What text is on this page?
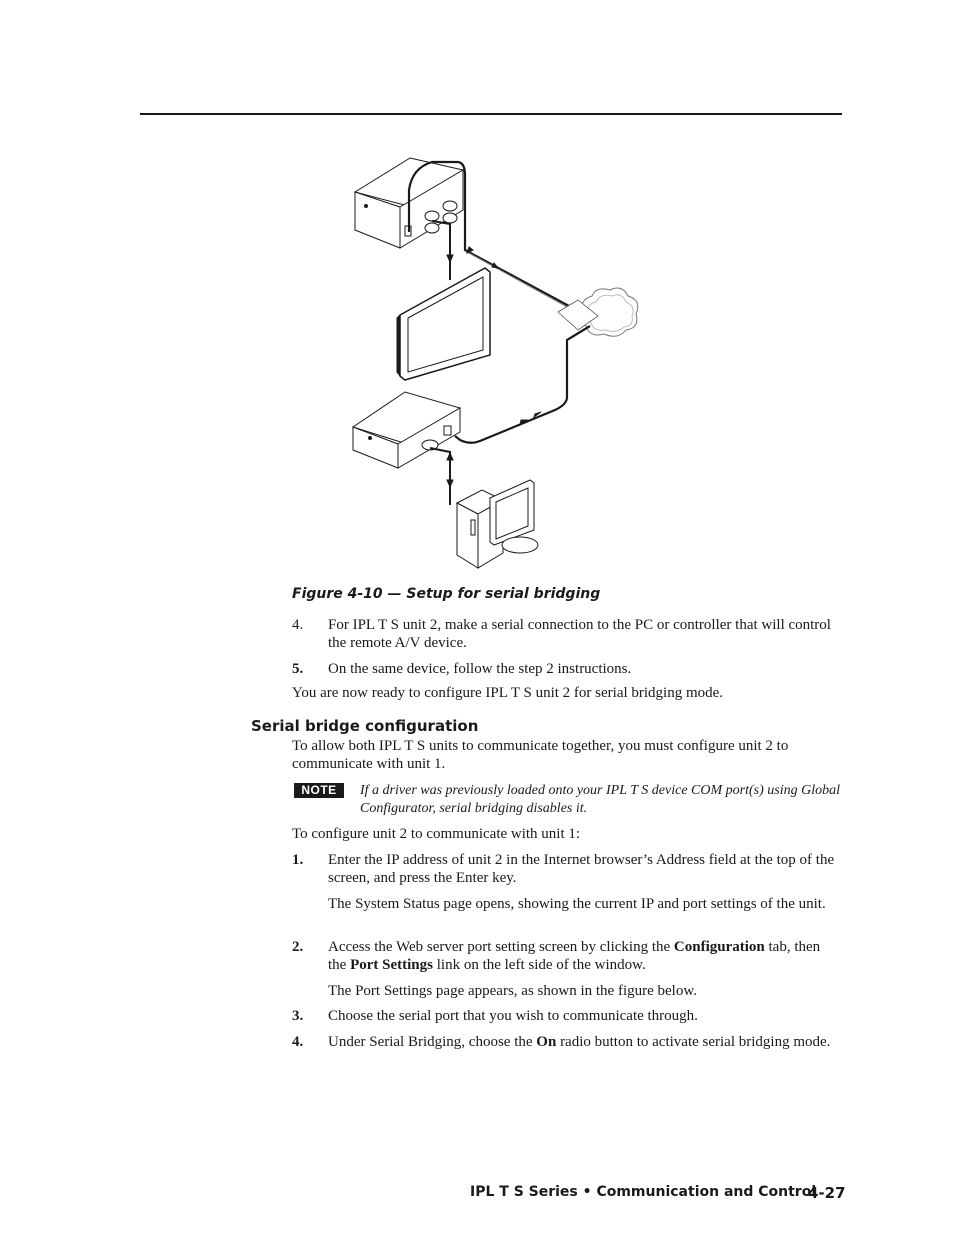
Figure 4-10 — Setup for serial bridging
4. For IPL T S unit 2, make a serial connection to the PC or controller that will control the remote A/V device.
5. On the same device, follow the step 2 instructions.
You are now ready to configure IPL T S unit 2 for serial bridging mode.
Serial bridge configuration
To allow both IPL T S units to communicate together, you must configure unit 2 to communicate with unit 1.
NOTE	If a driver was previously loaded onto your IPL T S device COM port(s) using Global Configurator, serial bridging disables it.
To configure unit 2 to communicate with unit 1:
1. Enter the IP address of unit 2 in the Internet browser’s Address field at the top of the screen, and press the Enter key.
The System Status page opens, showing the current IP and port settings of the unit.
2. Access the Web server port setting screen by clicking the Configuration tab, then the Port Settings link on the left side of the window.
The Port Settings page appears, as shown in the figure below.
3. Choose the serial port that you wish to communicate through.
4. Under Serial Bridging, choose the On radio button to activate serial bridging mode.
IPL T S Series • Communication and Control
4-27
